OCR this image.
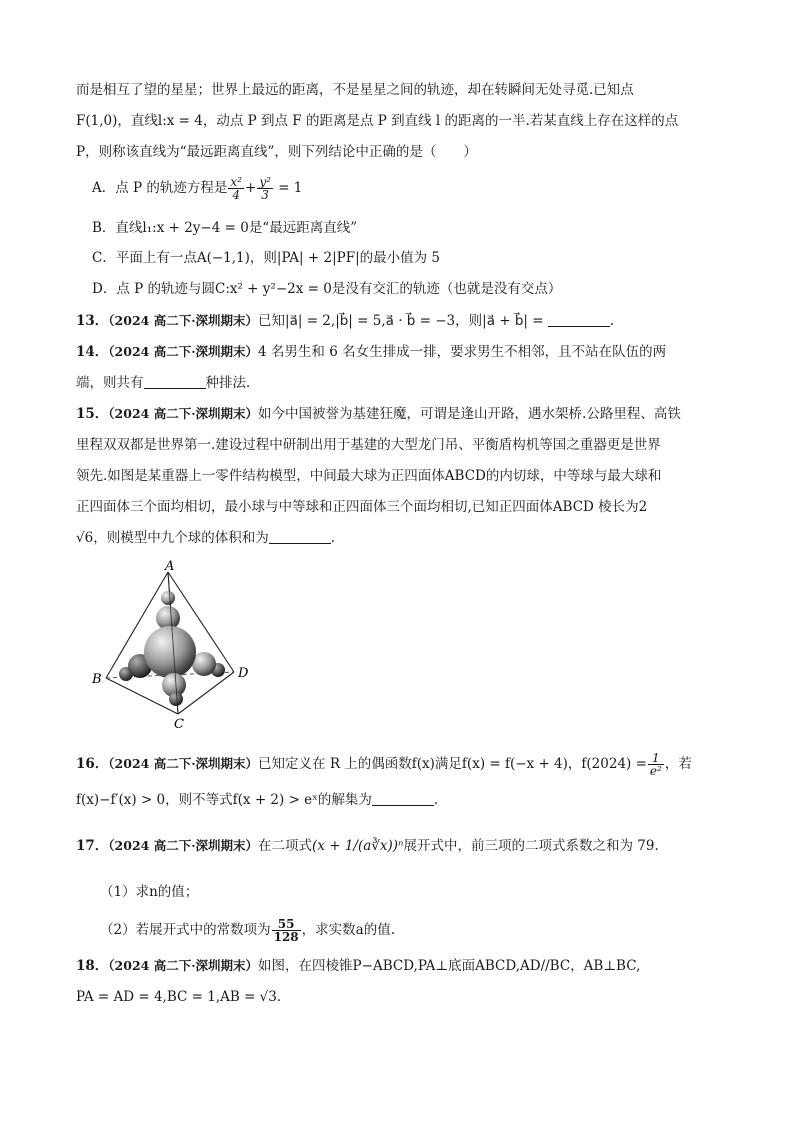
而是相互了望的星星；世界上最远的距离，不是星星之间的轨迹，却在转瞬间无处寻觅.已知点
F(1,0)，直线l:x = 4，动点 P 到点 F 的距离是点 P 到直线 l 的距离的一半.若某直线上存在这样的点
P，则称该直线为“最远距离直线”，则下列结论中正确的是（　　）
A．点 P 的轨迹方程是 $\frac{\text{x²}}{4} + \frac{\text{y²}}{3} = 1$
B．直线l₁:x + 2y−4 = 0是“最远距离直线”
C．平面上有一点A(−1,1)，则|PA| + 2|PF|的最小值为 5
D．点 P 的轨迹与圆C:x² + y²−2x = 0是没有交汇的轨迹（也就是没有交点）
13．（2024 高二下·深圳期末）已知|a⃗| = 2,|b⃗| = 5,a⃗ · b⃗ = −3，则|a⃗ + b⃗| =	.
14．（2024 高二下·深圳期末）4 名男生和 6 名女生排成一排，要求男生不相邻，且不站在队伍的两
端，则共有	种排法．
15．（2024 高二下·深圳期末）如今中国被誉为基建狂魔，可谓是逢山开路，遇水架桥.公路里程、高铁
里程双双都是世界第一.建设过程中研制出用于基建的大型龙门吊、平衡盾构机等国之重器更是世界
领先.如图是某重器上一零件结构模型，中间最大球为正四面体ABCD的内切球，中等球与最大球和
正四面体三个面均相切，最小球与中等球和正四面体三个面均相切,已知正四面体ABCD 棱长为2
√6，则模型中九个球的体积和为	.
A
B
C
D
16．（2024 高二下·深圳期末）已知定义在 R 上的偶函数f(x)满足f(x) = f(−x + 4)，$f(2024) = \frac{1}{\text{e²}}$ ，若
f(x)−f′(x) > 0，则不等式f(x + 2) > eˣ的解集为	.
17．（2024 高二下·深圳期末）在二项式(x + 1/(a∛x))ⁿ展开式中，前三项的二项式系数之和为 79.
（1）求n的值；
（2）若展开式中的常数项为 $\frac{55}{128}$ ，求实数a的值.
18．（2024 高二下·深圳期末）如图，在四棱锥P−ABCD,PA⊥底面ABCD,AD//BC，AB⊥BC,
PA = AD = 4,BC = 1,AB = √3．
